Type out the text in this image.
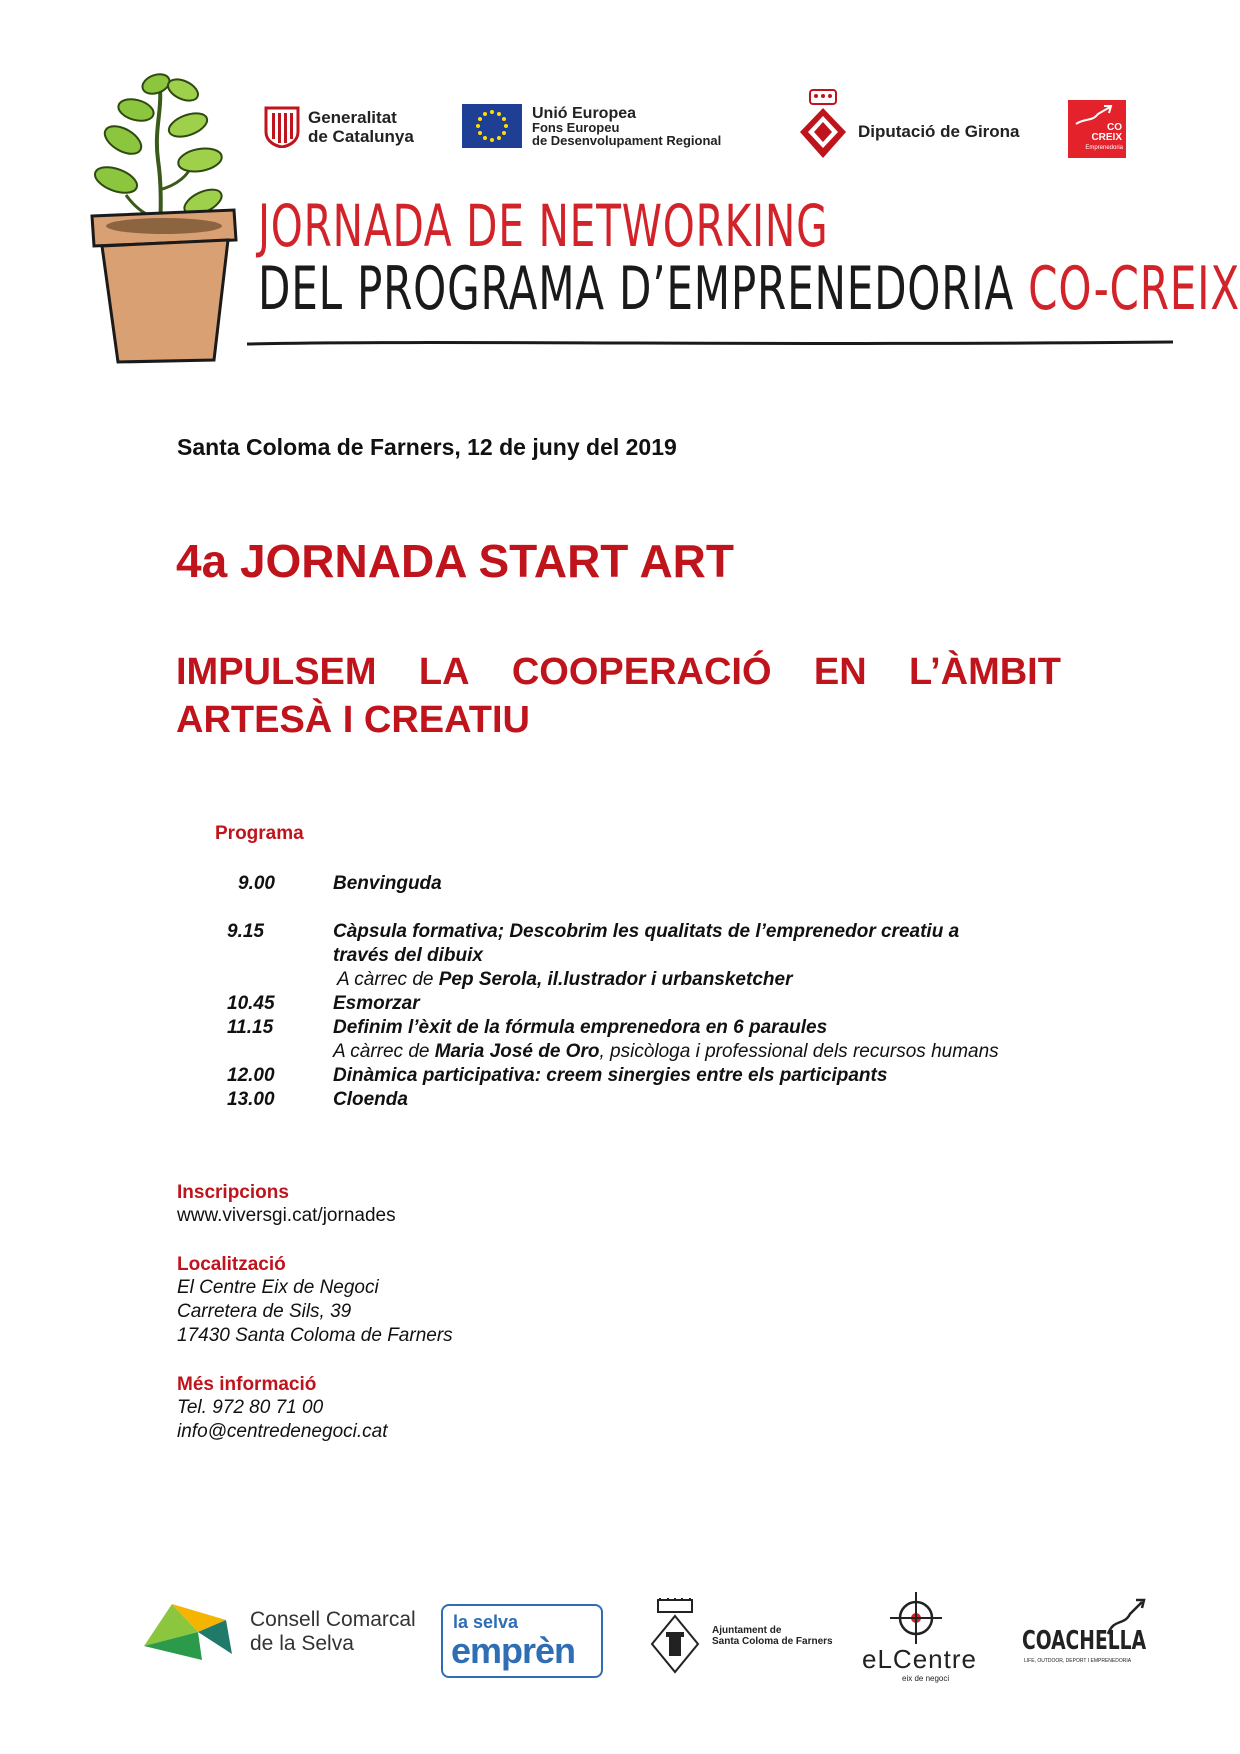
Generalitat
de Catalunya
Unió Europea
Fons Europeu
de Desenvolupament Regional	Diputació de Girona	CO
CREIX
Emprenedoria
JORNADA DE NETWORKING
DEL PROGRAMA D’EMPRENEDORIA CO-CREIX
Santa Coloma de Farners, 12 de juny del 2019
4a JORNADA START ART
IMPULSEM LA COOPERACIÓ EN L’ÀMBIT
ARTESÀ I CREATIU
Programa
9.00	Benvinguda
9.15	Càpsula formativa; Descobrim les qualitats de l’emprenedor creatiu a
través del dibuix
A càrrec de Pep Serola, il.lustrador i urbansketcher
10.45	Esmorzar
11.15	Definim l’èxit de la fórmula emprenedora en 6 paraules
A càrrec de Maria José de Oro, psicòloga i professional dels recursos humans
12.00	Dinàmica participativa: creem sinergies entre els participants
13.00	Cloenda
Inscripcions
www.viversgi.cat/jornades
Localització
El Centre Eix de Negoci
Carretera de Sils, 39
17430 Santa Coloma de Farners
Més informació
Tel. 972 80 71 00
info@centredenegoci.cat
Consell Comarcal
de la Selva
la selva
emprèn	Ajuntament de
Santa Coloma de Farners
eLCentre
eix de negoci
COACHELLA
LIFE, OUTDOOR, DEPORT I EMPRENEDORIA
